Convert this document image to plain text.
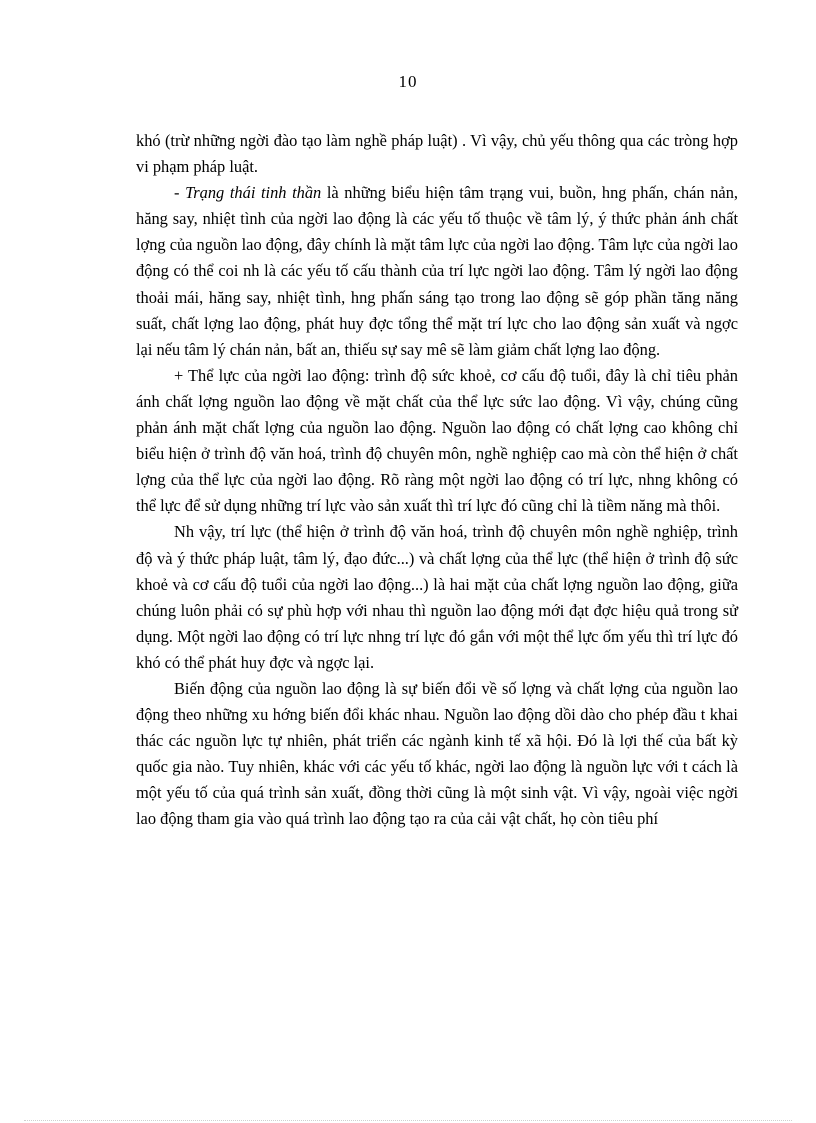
10

khó (trừ những ngời đào tạo làm nghề pháp luật) . Vì vậy, chủ yếu thông qua các tròng hợp vi phạm pháp luật.

- Trạng thái tinh thần là những biểu hiện tâm trạng vui, buồn, hng phấn, chán nản, hăng say, nhiệt tình của ngời lao động là các yếu tố thuộc về tâm lý, ý thức phản ánh chất lợng của nguồn lao động, đây chính là mặt tâm lực của ngời lao động. Tâm lực của ngời lao động có thể coi nh là các yếu tố cấu thành của trí lực ngời lao động. Tâm lý ngời lao động thoải mái, hăng say, nhiệt tình, hng phấn sáng tạo trong lao động sẽ góp phần tăng năng suất, chất lợng lao động, phát huy đợc tổng thể mặt trí lực cho lao động sản xuất và ngợc lại nếu tâm lý chán nản, bất an, thiếu sự say mê sẽ làm giảm chất lợng lao động.

+ Thể lực của ngời lao động: trình độ sức khoẻ, cơ cấu độ tuổi, đây là chỉ tiêu phản ánh chất lợng nguồn lao động về mặt chất của thể lực sức lao động. Vì vậy, chúng cũng phản ánh mặt chất lợng của nguồn lao động. Nguồn lao động có chất lợng cao không chỉ biểu hiện ở trình độ văn hoá, trình độ chuyên môn, nghề nghiệp cao mà còn thể hiện ở chất lợng của thể lực của ngời lao động. Rõ ràng một ngời lao động có trí lực, nhng không có thể lực để sử dụng những trí lực vào sản xuất thì trí lực đó cũng chỉ là tiềm năng mà thôi.

Nh vậy, trí lực (thể hiện ở trình độ văn hoá, trình độ chuyên môn nghề nghiệp, trình độ và ý thức pháp luật, tâm lý, đạo đức...) và chất lợng của thể lực (thể hiện ở trình độ sức khoẻ và cơ cấu độ tuổi của ngời lao động...) là hai mặt của chất lợng nguồn lao động, giữa chúng luôn phải có sự phù hợp với nhau thì nguồn lao động mới đạt đợc hiệu quả trong sử dụng. Một ngời lao động có trí lực nhng trí lực đó gắn với một thể lực ốm yếu thì trí lực đó khó có thể phát huy đợc và ngợc lại.

Biến động của nguồn lao động là sự biến đổi về số lợng và chất lợng của nguồn lao động theo những xu hớng biến đổi khác nhau. Nguồn lao động dồi dào cho phép đầu t khai thác các nguồn lực tự nhiên, phát triển các ngành kinh tế xã hội. Đó là lợi thế của bất kỳ quốc gia nào. Tuy nhiên, khác với các yếu tố khác, ngời lao động là nguồn lực với t cách là một yếu tố của quá trình sản xuất, đồng thời cũng là một sinh vật. Vì vậy, ngoài việc ngời lao động tham gia vào quá trình lao động tạo ra của cải vật chất, họ còn tiêu phí
